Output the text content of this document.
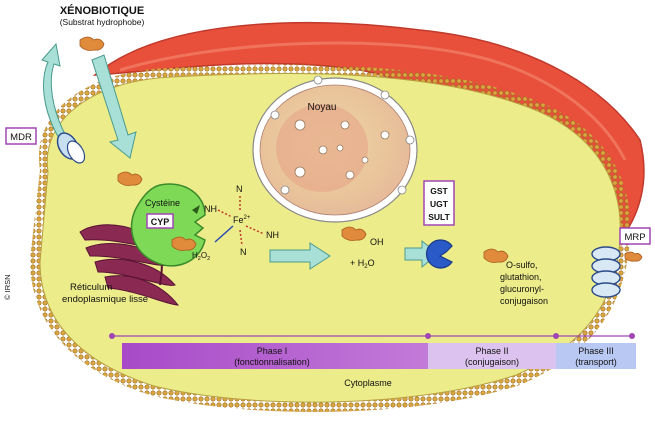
Noyau
Réticulum
endoplasmique lisse
Cystéine
CYP
NH
$Fe^{2+}$
N
N
NH
$H_2O_2$
XÉNOBIOTIQUE
(Substrat hydrophobe)
MDR
OH
+ $H_2O$
GST
UGT
SULT
O-sulfo,
glutathion,
glucuronyl-
conjugaison
MRP
Phase I
(fonctionnalisation)
Phase II
(conjugaison)
Phase III
(transport)
Cytoplasme
© IRSN
